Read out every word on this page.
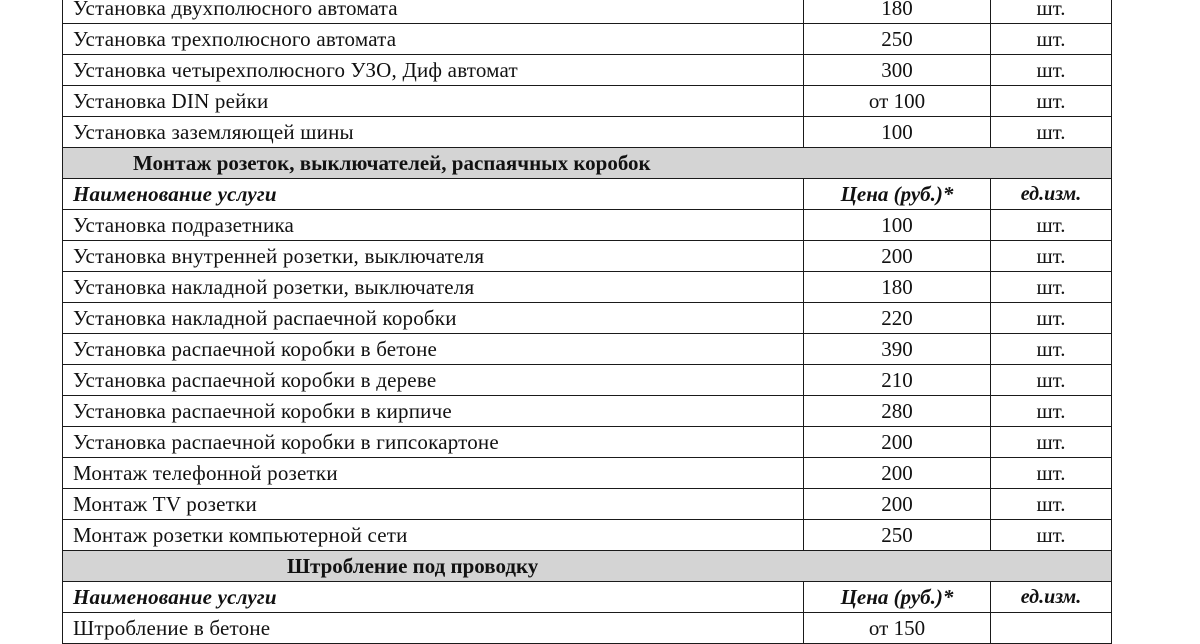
Установка двухполюсного автомата	180	шт.
Установка трехполюсного автомата	250	шт.
Установка четырехполюсного УЗО, Диф автомат	300	шт.
Установка DIN рейки	от 100	шт.
Установка заземляющей шины	100	шт.
Монтаж розеток, выключателей, распаячных коробок		
Наименование услуги	Цена (руб.)*	ед.изм.
Установка подразетника	100	шт.
Установка внутренней розетки, выключателя	200	шт.
Установка накладной розетки, выключателя	180	шт.
Установка накладной распаечной коробки	220	шт.
Установка распаечной коробки в бетоне	390	шт.
Установка распаечной коробки в дереве	210	шт.
Установка распаечной коробки в кирпиче	280	шт.
Установка распаечной коробки в гипсокартоне	200	шт.
Монтаж телефонной розетки	200	шт.
Монтаж TV розетки	200	шт.
Монтаж розетки компьютерной сети	250	шт.
Штробление под проводку		
Наименование услуги	Цена (руб.)*	ед.изм.
Штробление в бетоне	от 150	
